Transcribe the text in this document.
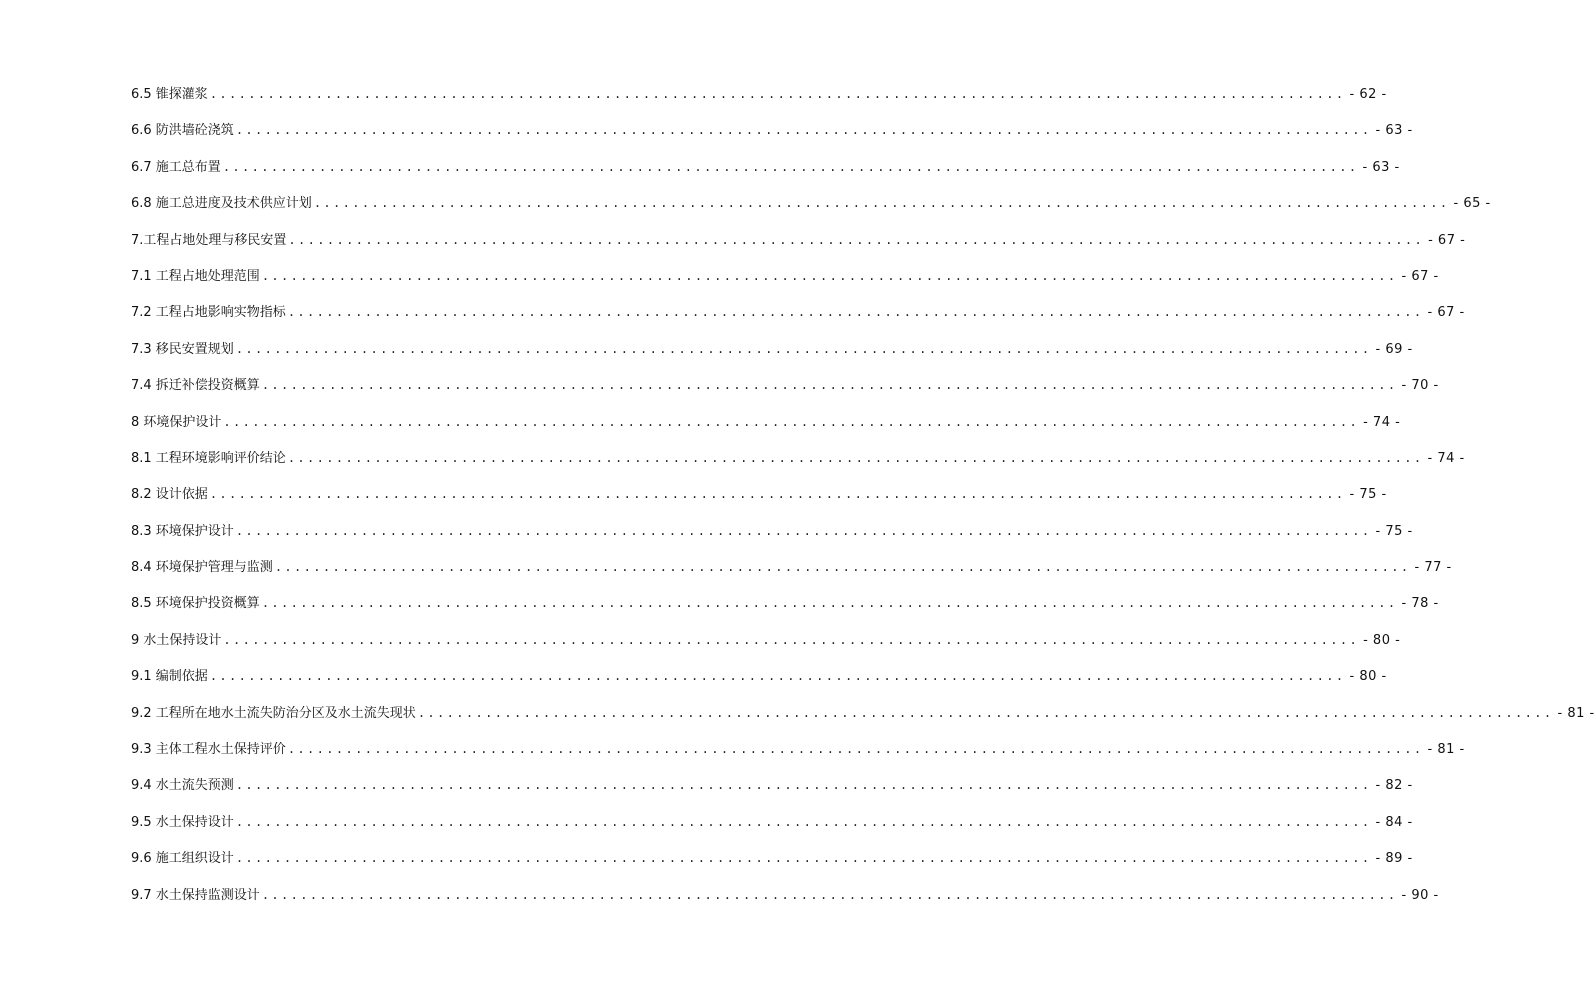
6.5 锥探灌浆 ...................................................................................................................... - 62 -
6.6 防洪墙砼浇筑 ...................................................................................................................... - 63 -
6.7 施工总布置 ...................................................................................................................... - 63 -
6.8 施工总进度及技术供应计划 ...................................................................................................................... - 65 -
7.工程占地处理与移民安置 ...................................................................................................................... - 67 -
7.1 工程占地处理范围 ...................................................................................................................... - 67 -
7.2 工程占地影响实物指标 ...................................................................................................................... - 67 -
7.3 移民安置规划 ...................................................................................................................... - 69 -
7.4 拆迁补偿投资概算 ...................................................................................................................... - 70 -
8 环境保护设计 ...................................................................................................................... - 74 -
8.1 工程环境影响评价结论 ...................................................................................................................... - 74 -
8.2 设计依据 ...................................................................................................................... - 75 -
8.3 环境保护设计 ...................................................................................................................... - 75 -
8.4 环境保护管理与监测 ...................................................................................................................... - 77 -
8.5 环境保护投资概算 ...................................................................................................................... - 78 -
9 水土保持设计 ...................................................................................................................... - 80 -
9.1 编制依据 ...................................................................................................................... - 80 -
9.2 工程所在地水土流失防治分区及水土流失现状 ...................................................................................................................... - 81 -
9.3 主体工程水土保持评价 ...................................................................................................................... - 81 -
9.4 水土流失预测 ...................................................................................................................... - 82 -
9.5 水土保持设计 ...................................................................................................................... - 84 -
9.6 施工组织设计 ...................................................................................................................... - 89 -
9.7 水土保持监测设计 ...................................................................................................................... - 90 -
